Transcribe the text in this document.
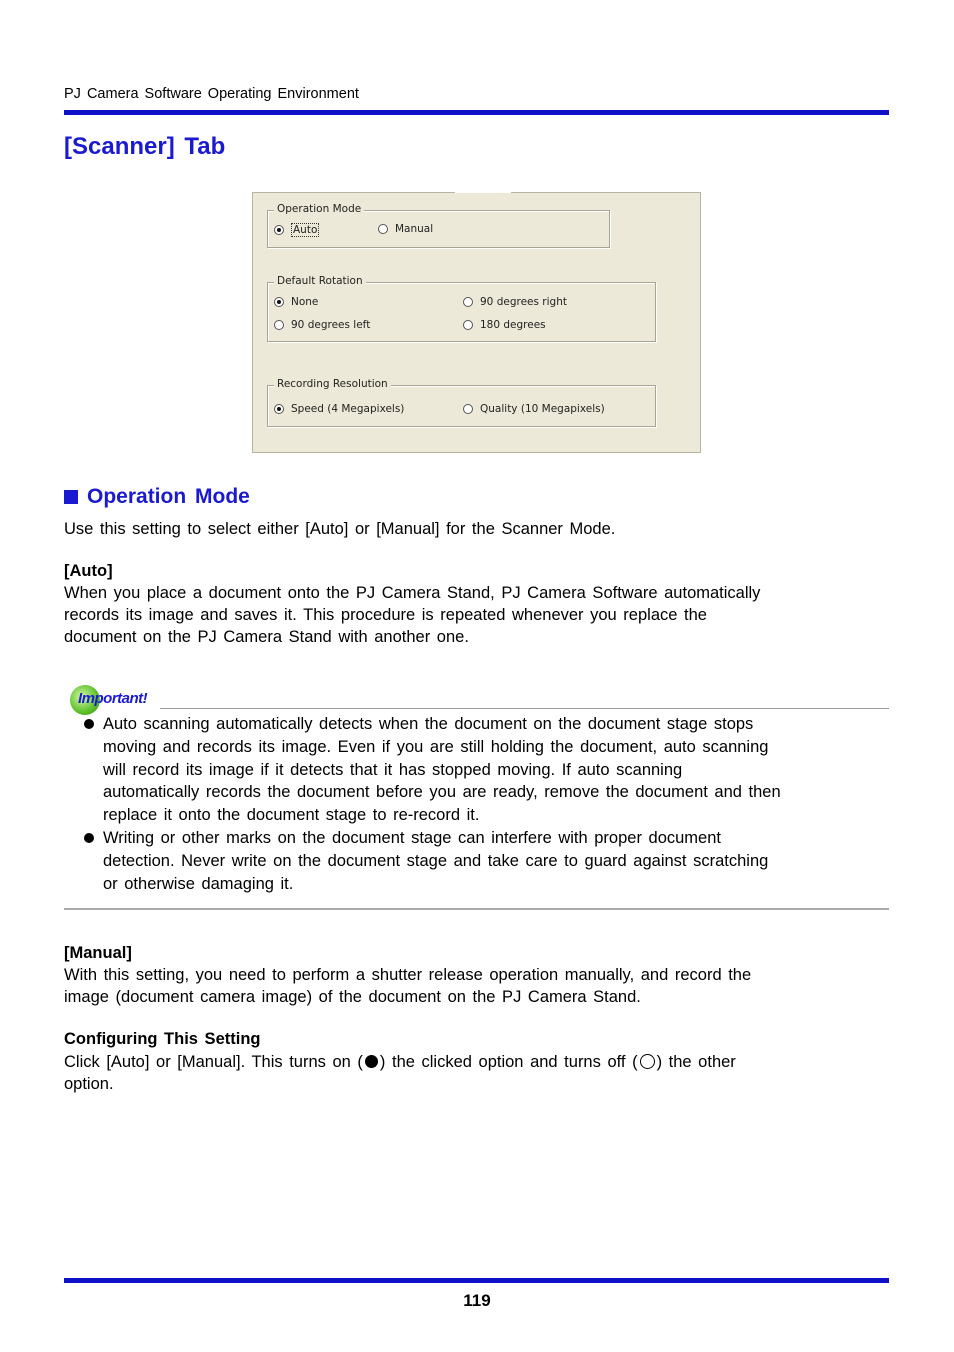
PJ Camera Software Operating Environment
[Scanner] Tab
Operation Mode
Auto	Manual
Default Rotation
None	90 degrees right
90 degrees left	180 degrees
Recording Resolution
Speed (4 Megapixels)	Quality (10 Megapixels)
Operation Mode
Use this setting to select either [Auto] or [Manual] for the Scanner Mode.
[Auto]
When you place a document onto the PJ Camera Stand, PJ Camera Software automatically
records its image and saves it. This procedure is repeated whenever you replace the
document on the PJ Camera Stand with another one.
Important!
Auto scanning automatically detects when the document on the document stage stops
moving and records its image. Even if you are still holding the document, auto scanning
will record its image if it detects that it has stopped moving. If auto scanning
automatically records the document before you are ready, remove the document and then
replace it onto the document stage to re-record it.
Writing or other marks on the document stage can interfere with proper document
detection. Never write on the document stage and take care to guard against scratching
or otherwise damaging it.
[Manual]
With this setting, you need to perform a shutter release operation manually, and record the
image (document camera image) of the document on the PJ Camera Stand.
Configuring This Setting
Click [Auto] or [Manual]. This turns on ( ) the clicked option and turns off ( ) the other
option.
119
